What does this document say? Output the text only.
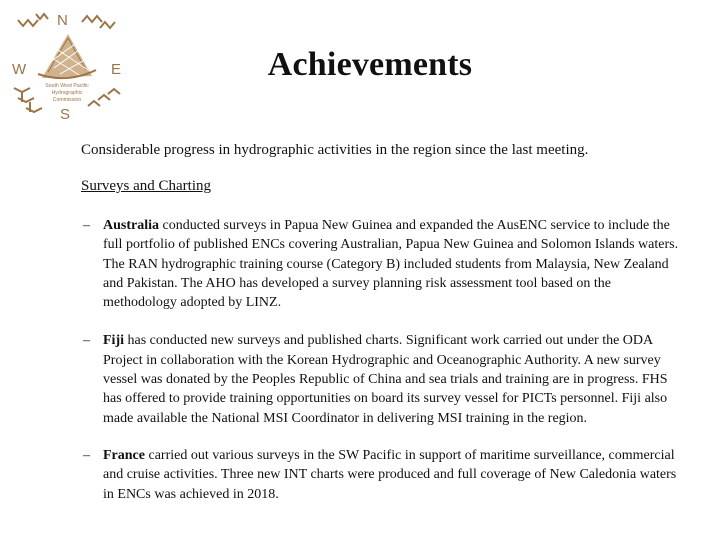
N
W	E
S
South West Pacific
Hydrographic
Commission
Achievements
Considerable progress in hydrographic activities in the region since the last meeting.
Surveys and Charting
– Australia conducted surveys in Papua New Guinea and expanded the AusENC service to include the full portfolio of published ENCs covering Australian, Papua New Guinea and Solomon Islands waters. The RAN hydrographic training course (Category B) included students from Malaysia, New Zealand and Pakistan. The AHO has developed a survey planning risk assessment tool based on the methodology adopted by LINZ.
– Fiji has conducted new surveys and published charts. Significant work carried out under the ODA Project in collaboration with the Korean Hydrographic and Oceanographic Authority. A new survey vessel was donated by the Peoples Republic of China and sea trials and training are in progress. FHS has offered to provide training opportunities on board its survey vessel for PICTs personnel. Fiji also made available the National MSI Coordinator in delivering MSI training in the region.
– France carried out various surveys in the SW Pacific in support of maritime surveillance, commercial and cruise activities. Three new INT charts were produced and full coverage of New Caledonia waters in ENCs was achieved in 2018.
